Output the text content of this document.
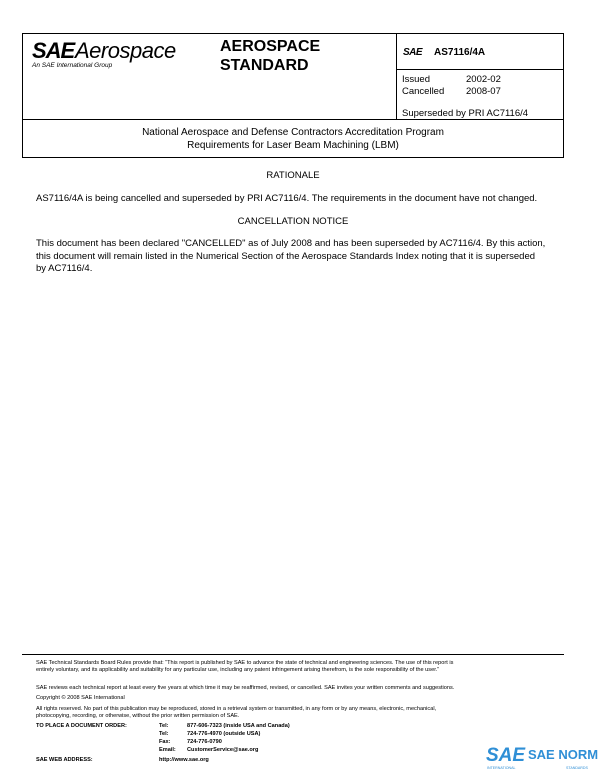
SAE Aerospace
An SAE International Group
AEROSPACE
STANDARD
SAE AS7116/4A
Issued	2002-02
Cancelled 2008-07
Superseded by PRI AC7116/4
National Aerospace and Defense Contractors Accreditation Program
Requirements for Laser Beam Machining (LBM)
RATIONALE
AS7116/4A is being cancelled and superseded by PRI AC7116/4. The requirements in the document have not changed.
CANCELLATION NOTICE
This document has been declared "CANCELLED" as of July 2008 and has been superseded by AC7116/4. By this action,
this document will remain listed in the Numerical Section of the Aerospace Standards Index noting that it is superseded
by AC7116/4.
SAE Technical Standards Board Rules provide that: “This report is published by SAE to advance the state of technical and engineering sciences. The use of this report is
entirely voluntary, and its applicability and suitability for any particular use, including any patent infringement arising therefrom, is the sole responsibility of the user.”
SAE reviews each technical report at least every five years at which time it may be reaffirmed, revised, or cancelled. SAE invites your written comments and suggestions.
Copyright © 2008 SAE International
All rights reserved. No part of this publication may be reproduced, stored in a retrieval system or transmitted, in any form or by any means, electronic, mechanical,
photocopying, recording, or otherwise, without the prior written permission of SAE.
TO PLACE A DOCUMENT ORDER:	Tel:	877-606-7323 (inside USA and Canada)
Tel:	724-776-4970 (outside USA)
Fax:	724-776-0790
Email: CustomerService@sae.org
SAE WEB ADDRESS:	http://www.sae.org	SAE SAE NORM
INTERNATIONAL	STANDARDS
